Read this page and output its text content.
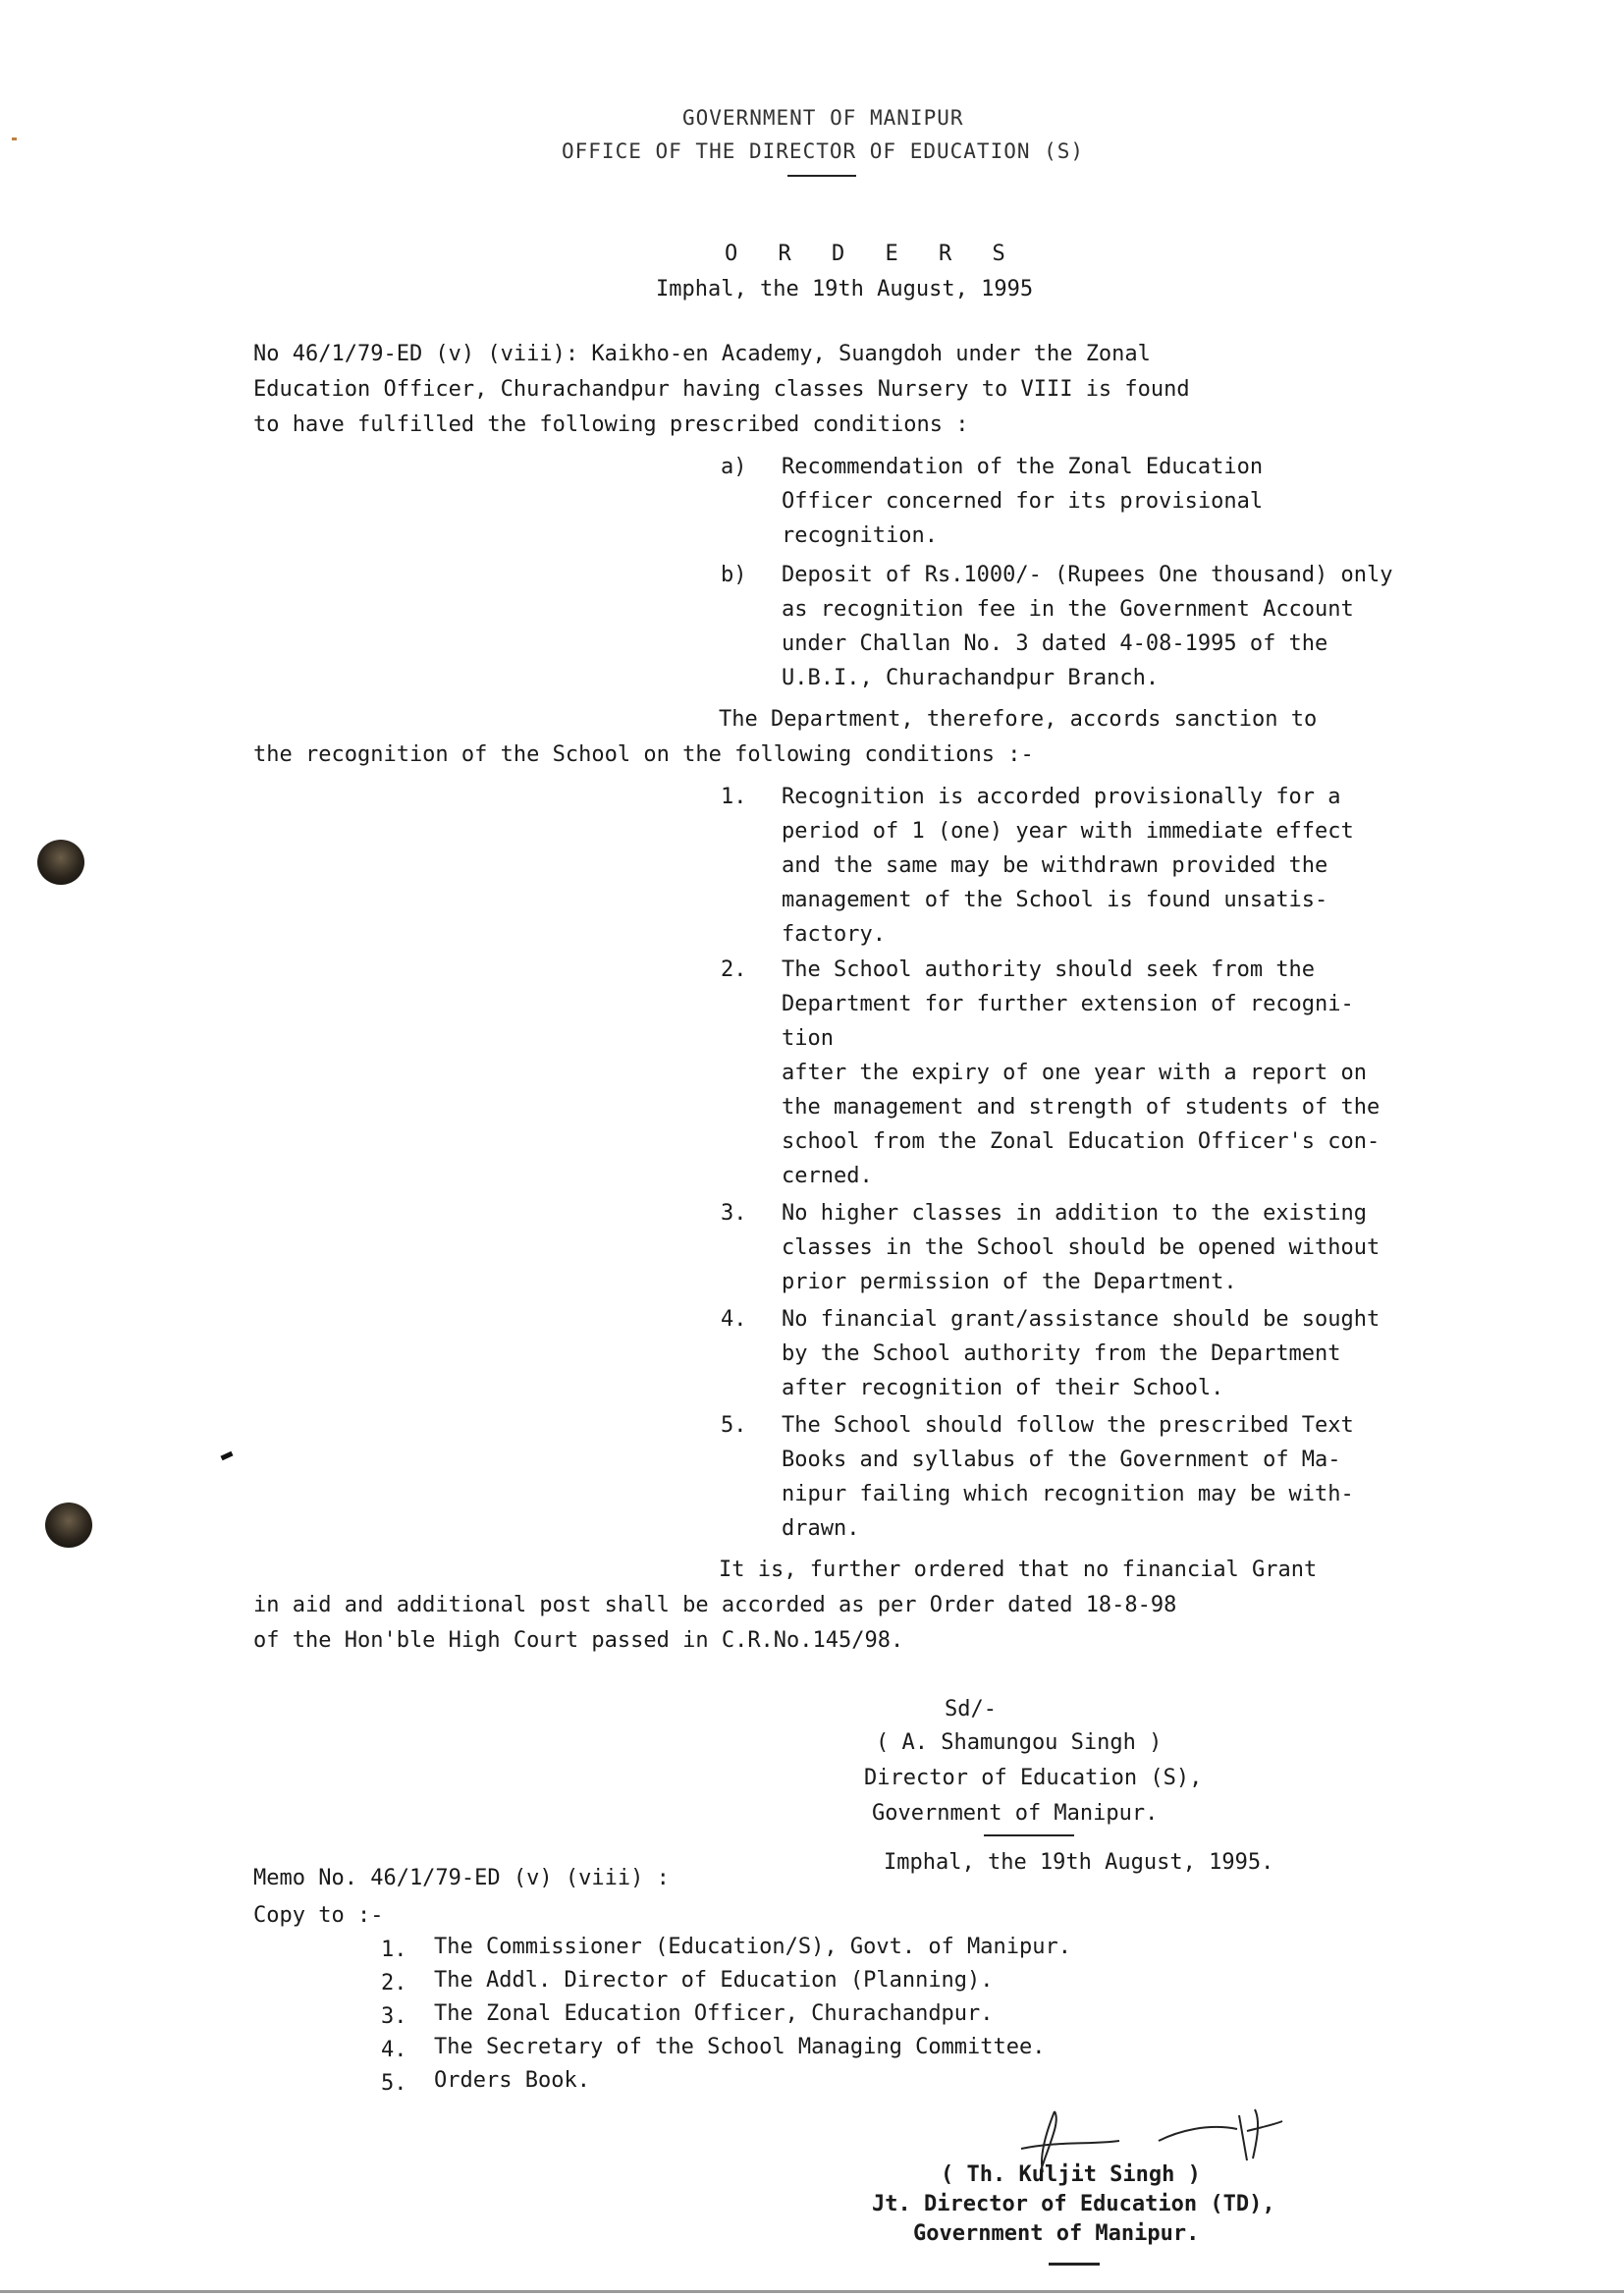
GOVERNMENT OF MANIPUR
OFFICE OF THE DIRECTOR OF EDUCATION (S)
O R D E R S
Imphal, the 19th August, 1995
No 46/1/79-ED (v) (viii): Kaikho-en Academy, Suangdoh under the Zonal
Education Officer, Churachandpur having classes Nursery to VIII is found
to have fulfilled the following prescribed conditions :
a) Recommendation of the Zonal Education
Officer concerned for its provisional
recognition.
b) Deposit of Rs.1000/- (Rupees One thousand) only
as recognition fee in the Government Account
under Challan No. 3 dated 4-08-1995 of the
U.B.I., Churachandpur Branch.
The Department, therefore, accords sanction to
the recognition of the School on the following conditions :-
1. Recognition is accorded provisionally for a
period of 1 (one) year with immediate effect
and the same may be withdrawn provided the
management of the School is found unsatis-
factory.
2. The School authority should seek from the
Department for further extension of recogni-
tion
after the expiry of one year with a report on
the management and strength of students of the
school from the Zonal Education Officer's con-
cerned.
3. No higher classes in addition to the existing
classes in the School should be opened without
prior permission of the Department.
4. No financial grant/assistance should be sought
by the School authority from the Department
after recognition of their School.
5. The School should follow the prescribed Text
Books and syllabus of the Government of Ma-
nipur failing which recognition may be with-
drawn.
It is, further ordered that no financial Grant
in aid and additional post shall be accorded as per Order dated 18-8-98
of the Hon'ble High Court passed in C.R.No.145/98.
Sd/-
( A. Shamungou Singh )
Director of Education (S),
Government of Manipur.
Memo No. 46/1/79-ED (v) (viii) :
Imphal, the 19th August, 1995.
Copy to :-
1. The Commissioner (Education/S), Govt. of Manipur.
2. The Addl. Director of Education (Planning).
3. The Zonal Education Officer, Churachandpur.
4. The Secretary of the School Managing Committee.
5. Orders Book.
( Th. Kuljit Singh )
Jt. Director of Education (TD),
Government of Manipur.
